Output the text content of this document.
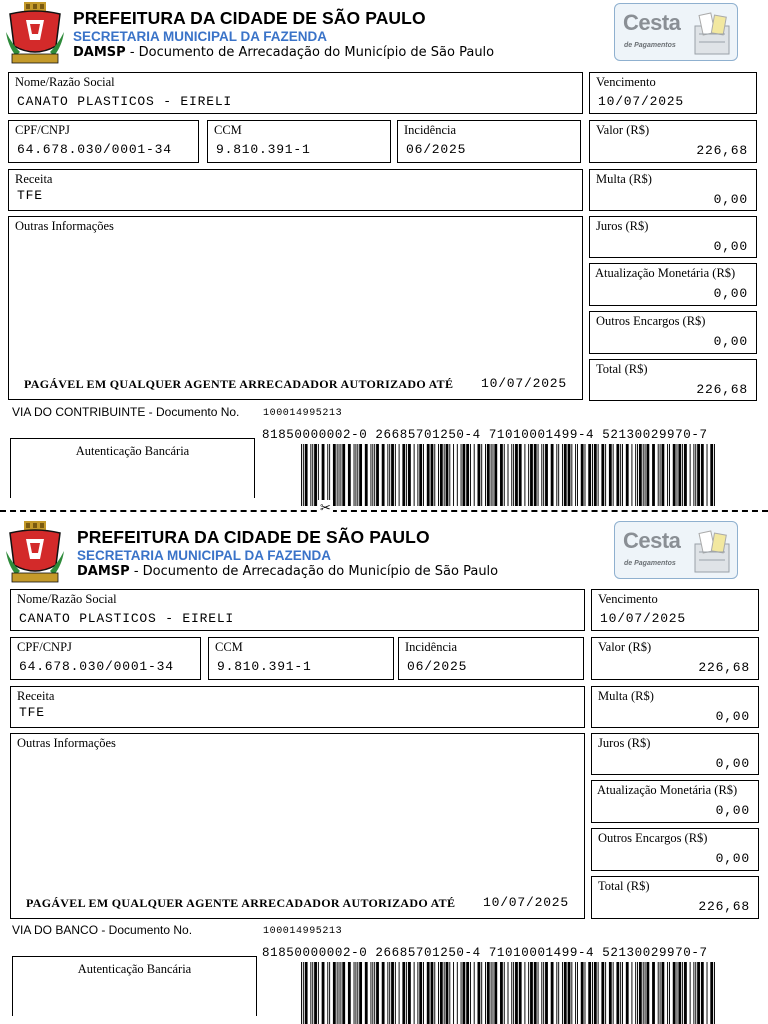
PREFEITURA DA CIDADE DE SÃO PAULO
SECRETARIA MUNICIPAL DA FAZENDA
DAMSP - Documento de Arrecadação do Município de São Paulo
Cesta
de Pagamentos
Nome/Razão Social
CANATO PLASTICOS - EIRELI
CPF/CNPJ
64.678.030/0001-34
CCM
9.810.391-1
Incidência
06/2025
Receita
TFE
Outras Informações
PAGÁVEL EM QUALQUER AGENTE ARRECADADOR AUTORIZADO ATÉ 10/07/2025
Vencimento
10/07/2025
Valor (R$)
226,68
Multa (R$)
0,00
Juros (R$)
0,00
Atualização Monetária (R$)
0,00
Outros Encargos (R$)
0,00
Total (R$)
226,68
VIA DO CONTRIBUINTE - Documento No. 100014995213
Autenticação Bancária
81850000002-0 26685701250-4 71010001499-4 52130029970-7
✂
PREFEITURA DA CIDADE DE SÃO PAULO
SECRETARIA MUNICIPAL DA FAZENDA
DAMSP - Documento de Arrecadação do Município de São Paulo
Cesta
de Pagamentos
Nome/Razão Social
CANATO PLASTICOS - EIRELI
CPF/CNPJ
64.678.030/0001-34
CCM
9.810.391-1
Incidência
06/2025
Receita
TFE
Outras Informações
PAGÁVEL EM QUALQUER AGENTE ARRECADADOR AUTORIZADO ATÉ 10/07/2025
Vencimento
10/07/2025
Valor (R$)
226,68
Multa (R$)
0,00
Juros (R$)
0,00
Atualização Monetária (R$)
0,00
Outros Encargos (R$)
0,00
Total (R$)
226,68
VIA DO BANCO - Documento No.	100014995213
Autenticação Bancária
81850000002-0 26685701250-4 71010001499-4 52130029970-7
